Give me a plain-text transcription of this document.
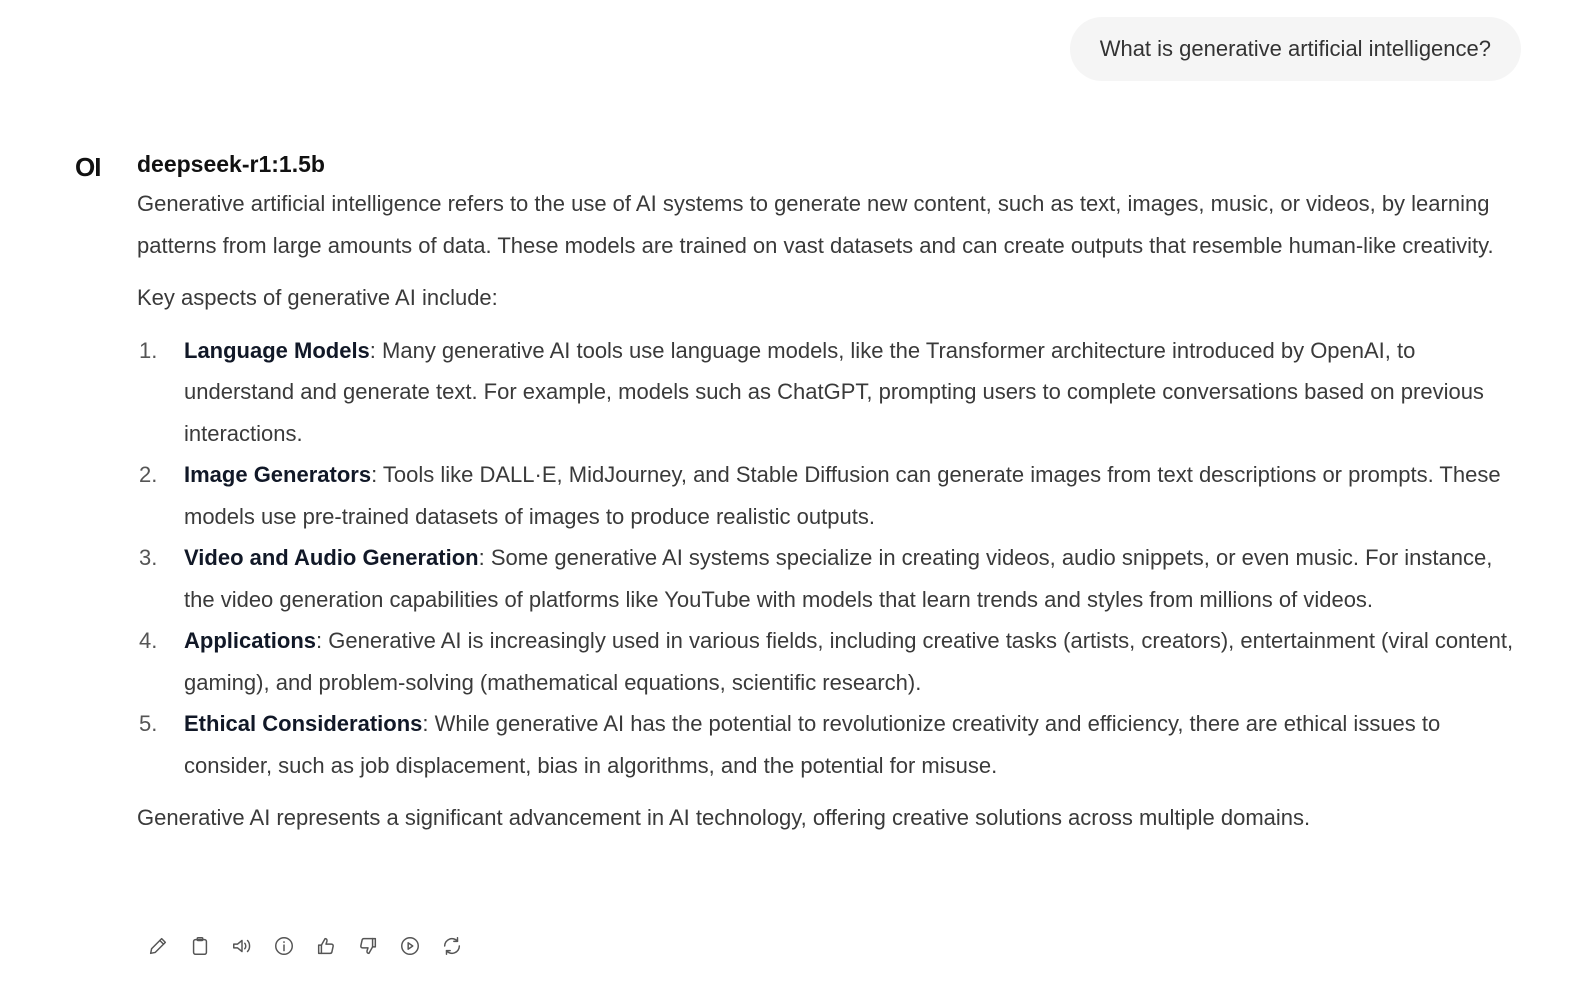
What is generative artificial intelligence?
OI deepseek-r1:1.5b

Generative artificial intelligence refers to the use of AI systems to generate new content, such as text, images, music, or videos, by learning patterns from large amounts of data. These models are trained on vast datasets and can create outputs that resemble human-like creativity.

Key aspects of generative AI include:

1. Language Models: Many generative AI tools use language models, like the Transformer architecture introduced by OpenAI, to understand and generate text. For example, models such as ChatGPT, prompting users to complete conversations based on previous interactions.
2. Image Generators: Tools like DALL·E, MidJourney, and Stable Diffusion can generate images from text descriptions or prompts. These models use pre-trained datasets of images to produce realistic outputs.
3. Video and Audio Generation: Some generative AI systems specialize in creating videos, audio snippets, or even music. For instance, the video generation capabilities of platforms like YouTube with models that learn trends and styles from millions of videos.
4. Applications: Generative AI is increasingly used in various fields, including creative tasks (artists, creators), entertainment (viral content, gaming), and problem-solving (mathematical equations, scientific research).
5. Ethical Considerations: While generative AI has the potential to revolutionize creativity and efficiency, there are ethical issues to consider, such as job displacement, bias in algorithms, and the potential for misuse.
Generative AI represents a significant advancement in AI technology, offering creative solutions across multiple domains.
